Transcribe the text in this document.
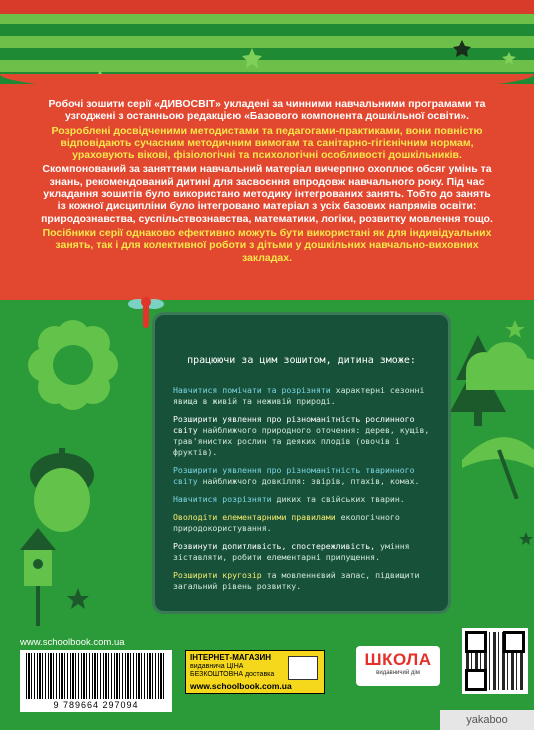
Робочі зошити серії «ДИВОСВІТ» укладені за чинними навчальними програмами та узгоджені з останньою редакцією «Базового компонента дошкільної освіти».

Розроблені досвідченими методистами та педагогами-практиками, вони повністю відповідають сучасним методичним вимогам та санітарно-гігієнічним нормам, ураховують вікові, фізіологічні та психологічні особливості дошкільників.

Скомпонований за заняттями навчальний матеріал вичерпно охоплює обсяг умінь та знань, рекомендований дитині для засвоєння впродовж навчального року. Під час укладання зошитів було використано методику інтегрованих занять. Тобто до занять із кожної дисципліни було інтегровано матеріал з усіх базових напрямів освіти: природознавства, суспільствознавства, математики, логіки, розвитку мовлення тощо.

Посібники серії однаково ефективно можуть бути використані як для індивідуальних занять, так і для колективної роботи з дітьми у дошкільних навчально-виховних закладах.

працюючи за цим зошитом, дитина зможе:
Навчитися помічати та розрізняти характерні сезонні явища в живій та неживій природі.
Розширити уявлення про різноманітність рослинного світу найближчого природного оточення: дерев, кущів, трав'янистих рослин та деяких плодів (овочів і фруктів).
Розширити уявлення про різноманітність тваринного світу найближчого довкілля: звірів, птахів, комах.
Навчитися розрізняти диких та свійських тварин.
Оволодіти елементарними правилами екологічного природокористування.
Розвинути допитливість, спостережливість, уміння зіставляти, робити елементарні припущення.
Розширити кругозір та мовленнєвий запас, підвищити загальний рівень розвитку.
www.schoolbook.com.ua
9 789664 297094
ІНТЕРНЕТ-МАГАЗИН
видавнича ЦІНА
БЕЗКОШТОВНА доставка
www.schoolbook.com.ua
ШКОЛА
видавничий дім
yakaboo
